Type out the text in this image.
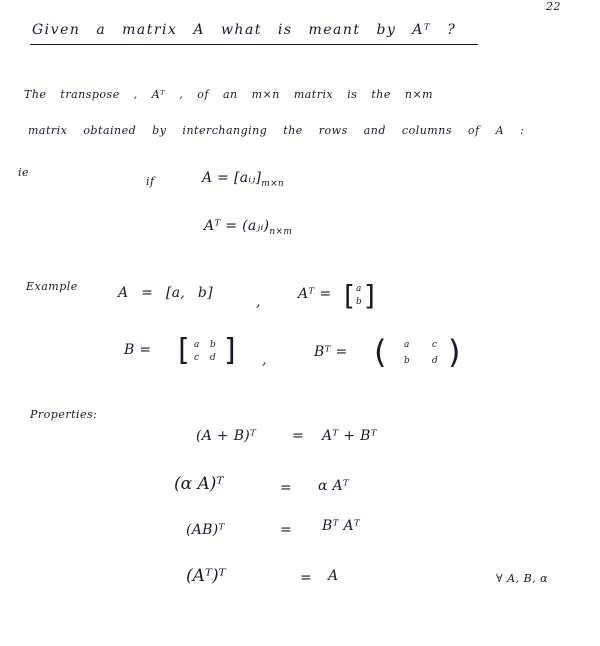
22
Given a matrix A what is meant by Aᵀ ?
The transpose , Aᵀ , of an m×n matrix is the n×m
matrix obtained by interchanging the rows and columns of A :
ie
if	$A = [aᵢⱼ]_{m\times n}$
Aᵀ = $(aⱼᵢ)_{n\times m}$
Example	A = [a, b]
,	Aᵀ = [ a
b ]
B = [ a b
c d ] ,	Bᵀ = ( a	c
b d )
Properties:
(A + B)ᵀ	= Aᵀ + Bᵀ
(α A)ᵀ	= α Aᵀ
(AB)ᵀ	= Bᵀ Aᵀ
(Aᵀ)ᵀ	= A	∀ A, B, α
